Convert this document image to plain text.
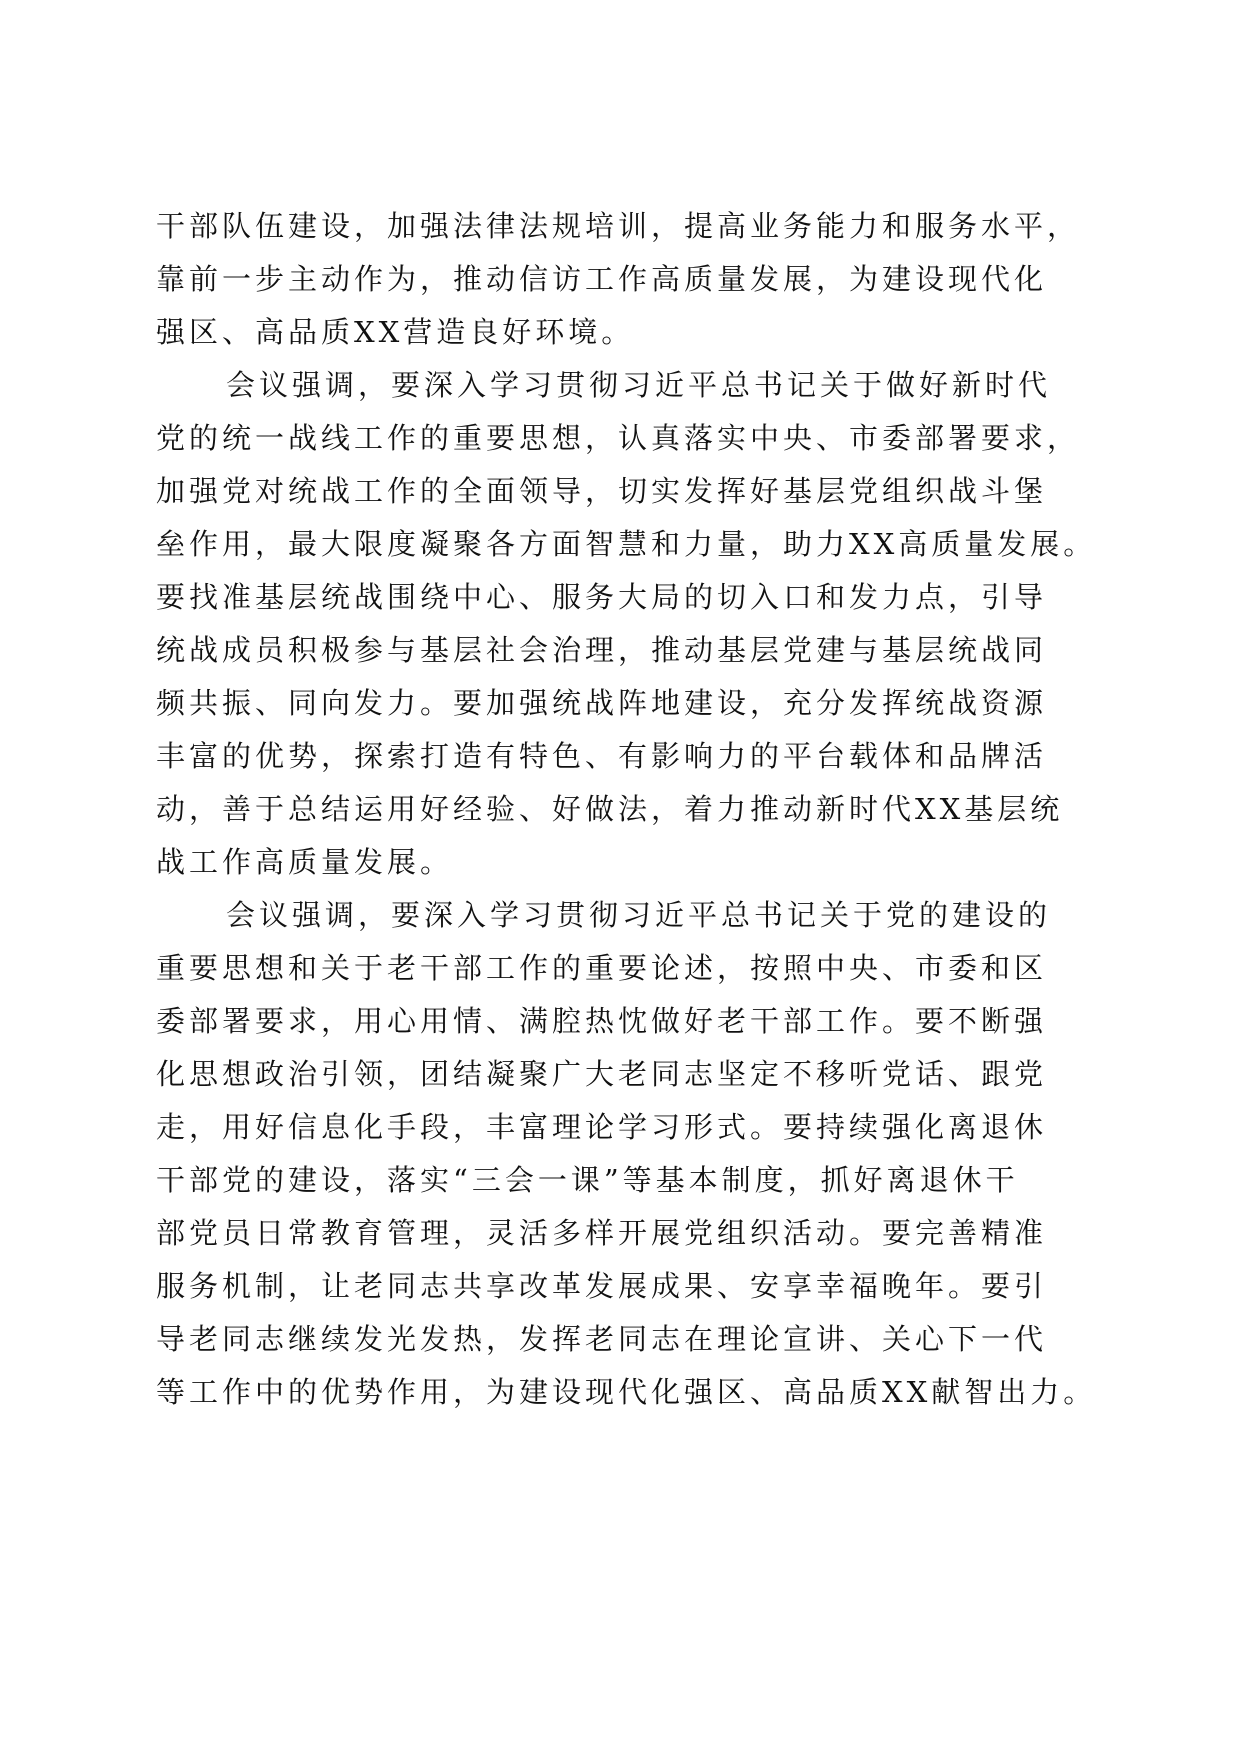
干部队伍建设，加强法律法规培训，提高业务能力和服务水平，
靠前一步主动作为，推动信访工作高质量发展，为建设现代化
强区、高品质XX营造良好环境。
会议强调，要深入学习贯彻习近平总书记关于做好新时代
党的统一战线工作的重要思想，认真落实中央、市委部署要求，
加强党对统战工作的全面领导，切实发挥好基层党组织战斗堡
垒作用，最大限度凝聚各方面智慧和力量，助力XX高质量发展。
要找准基层统战围绕中心、服务大局的切入口和发力点，引导
统战成员积极参与基层社会治理，推动基层党建与基层统战同
频共振、同向发力。要加强统战阵地建设，充分发挥统战资源
丰富的优势，探索打造有特色、有影响力的平台载体和品牌活
动，善于总结运用好经验、好做法，着力推动新时代XX基层统
战工作高质量发展。
会议强调，要深入学习贯彻习近平总书记关于党的建设的
重要思想和关于老干部工作的重要论述，按照中央、市委和区
委部署要求，用心用情、满腔热忱做好老干部工作。要不断强
化思想政治引领，团结凝聚广大老同志坚定不移听党话、跟党
走，用好信息化手段，丰富理论学习形式。要持续强化离退休
干部党的建设，落实“三会一课”等基本制度，抓好离退休干
部党员日常教育管理，灵活多样开展党组织活动。要完善精准
服务机制，让老同志共享改革发展成果、安享幸福晚年。要引
导老同志继续发光发热，发挥老同志在理论宣讲、关心下一代
等工作中的优势作用，为建设现代化强区、高品质XX献智出力。
